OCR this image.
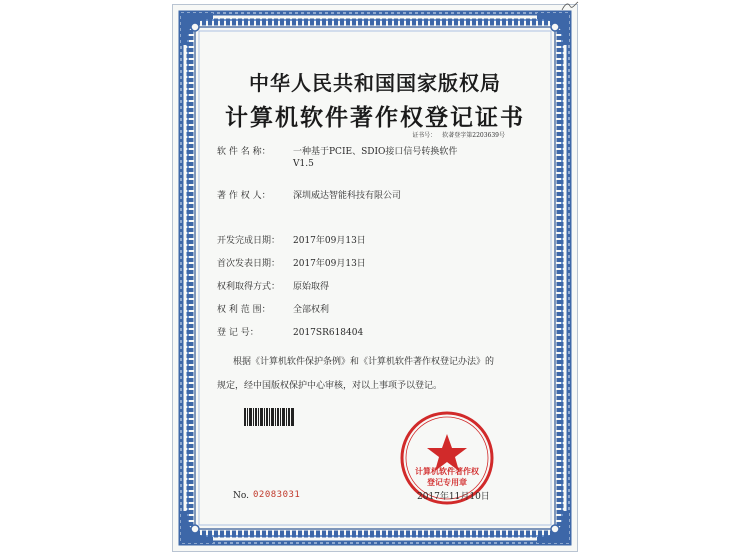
中华人民共和国国家版权局
计算机软件著作权登记证书
证书号： 软著登字第2203639号
软 件 名 称： 一种基于PCIE、SDIO接口信号转换软件
V1.5
著 作 权 人： 深圳威达智能科技有限公司
开发完成日期： 2017年09月13日
首次发表日期： 2017年09月13日
权利取得方式： 原始取得
权 利 范 围： 全部权利
登 记 号：	2017SR618404
根据《计算机软件保护条例》和《计算机软件著作权登记办法》的
规定，经中国版权保护中心审核，对以上事项予以登记。
计算机软件著作权
登记专用章
No. 02083031	2017年11月10日
